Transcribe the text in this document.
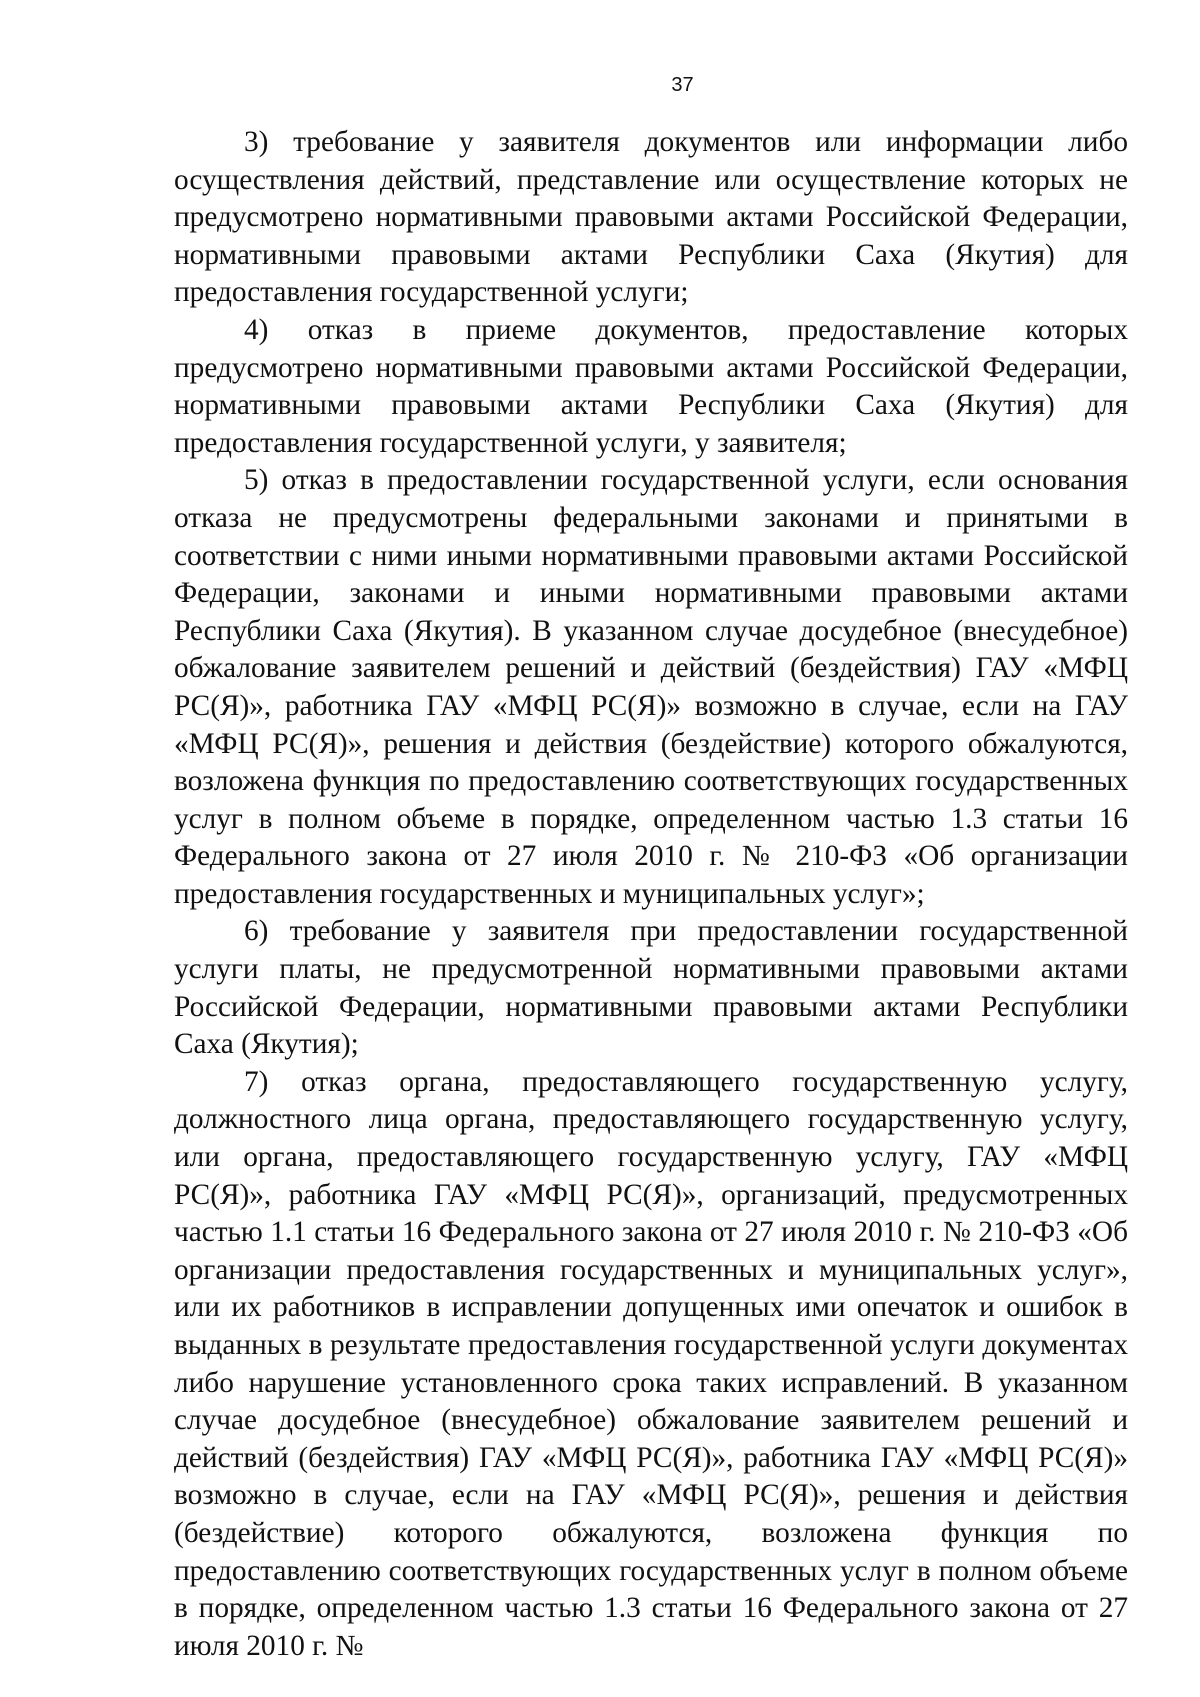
37

3) требование у заявителя документов или информации либо осуществления действий, представление или осуществление которых не предусмотрено нормативными правовыми актами Российской Федерации, нормативными правовыми актами Республики Саха (Якутия) для предоставления государственной услуги;

4) отказ в приеме документов, предоставление которых предусмотрено нормативными правовыми актами Российской Федерации, нормативными правовыми актами Республики Саха (Якутия) для предоставления государственной услуги, у заявителя;

5) отказ в предоставлении государственной услуги, если основания отказа не предусмотрены федеральными законами и принятыми в соответствии с ними иными нормативными правовыми актами Российской Федерации, законами и иными нормативными правовыми актами Республики Саха (Якутия). В указанном случае досудебное (внесудебное) обжалование заявителем решений и действий (бездействия) ГАУ «МФЦ РС(Я)», работника ГАУ «МФЦ РС(Я)» возможно в случае, если на ГАУ «МФЦ РС(Я)», решения и действия (бездействие) которого обжалуются, возложена функция по предоставлению соответствующих государственных услуг в полном объеме в порядке, определенном частью 1.3 статьи 16 Федерального закона от 27 июля 2010 г. № 210-ФЗ «Об организации предоставления государственных и муниципальных услуг»;

6) требование у заявителя при предоставлении государственной услуги платы, не предусмотренной нормативными правовыми актами Российской Федерации, нормативными правовыми актами Республики Саха (Якутия);

7) отказ органа, предоставляющего государственную услугу, должностного лица органа, предоставляющего государственную услугу, или органа, предоставляющего государственную услугу, ГАУ «МФЦ РС(Я)», работника ГАУ «МФЦ РС(Я)», организаций, предусмотренных частью 1.1 статьи 16 Федерального закона от 27 июля 2010 г. № 210-ФЗ «Об организации предоставления государственных и муниципальных услуг», или их работников в исправлении допущенных ими опечаток и ошибок в выданных в результате предоставления государственной услуги документах либо нарушение установленного срока таких исправлений. В указанном случае досудебное (внесудебное) обжалование заявителем решений и действий (бездействия) ГАУ «МФЦ РС(Я)», работника ГАУ «МФЦ РС(Я)» возможно в случае, если на ГАУ «МФЦ РС(Я)», решения и действия (бездействие) которого обжалуются, возложена функция по предоставлению соответствующих государственных услуг в полном объеме в порядке, определенном частью 1.3 статьи 16 Федерального закона от 27 июля 2010 г. №
